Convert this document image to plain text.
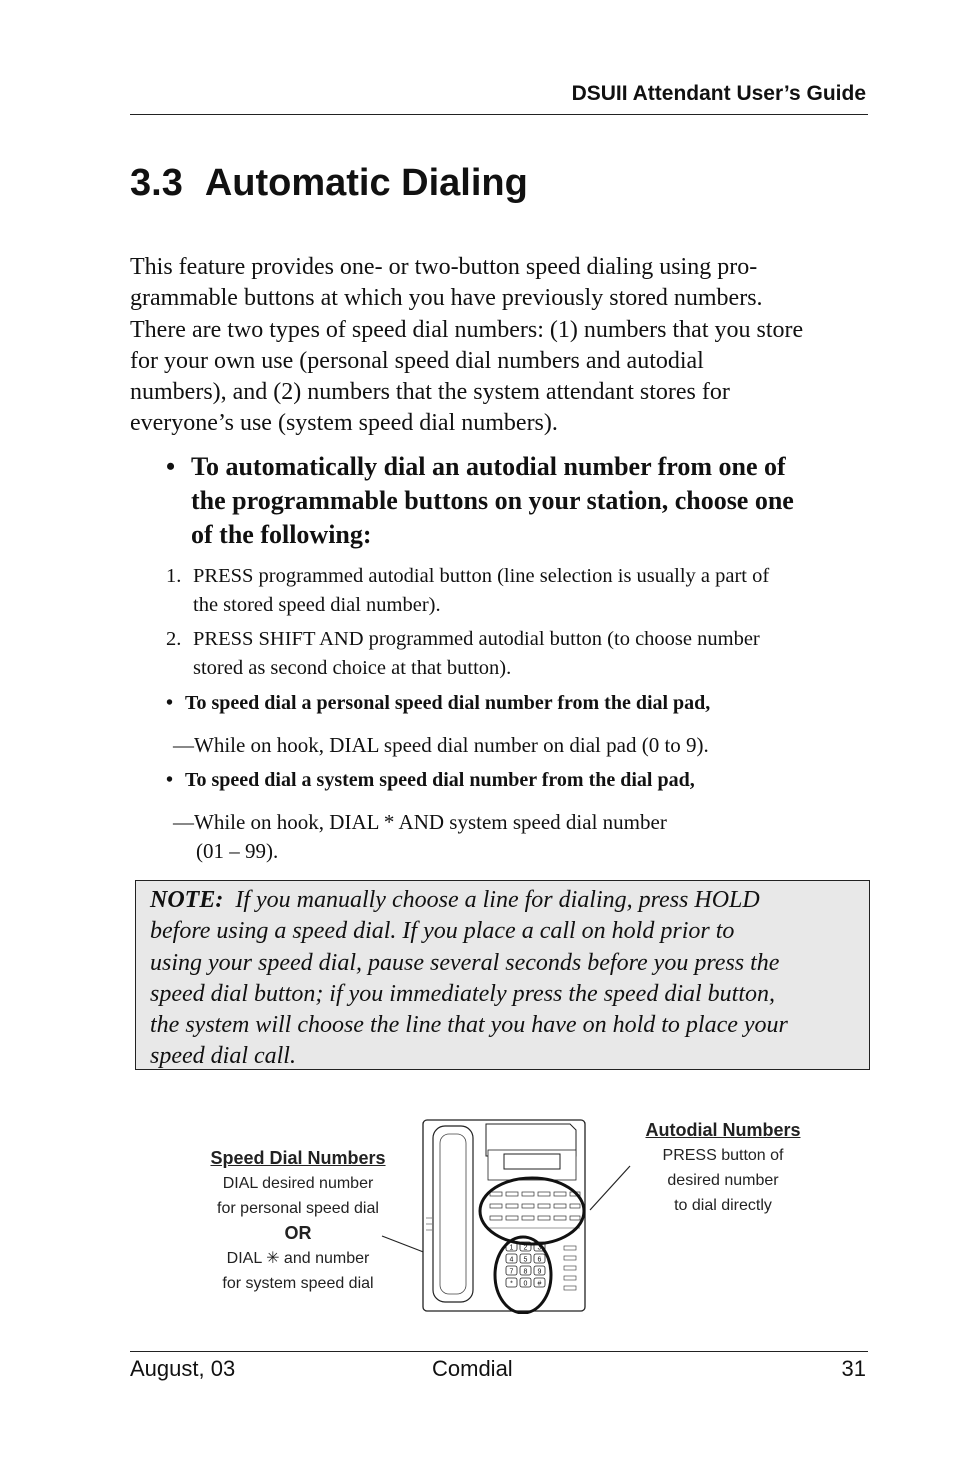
DSUII Attendant User’s Guide
3.3 Automatic Dialing

This feature provides one- or two-button speed dialing using pro-
grammable buttons at which you have previously stored numbers.
There are two types of speed dial numbers: (1) numbers that you store
for your own use (personal speed dial numbers and autodial
numbers), and (2) numbers that the system attendant stores for
everyone’s use (system speed dial numbers).

• To automatically dial an autodial number from one of
the programmable buttons on your station, choose one
of the following:
1. PRESS programmed autodial button (line selection is usually a part of
the stored speed dial number).
2. PRESS SHIFT AND programmed autodial button (to choose number
stored as second choice at that button).
• To speed dial a personal speed dial number from the dial pad,
—While on hook, DIAL speed dial number on dial pad (0 to 9).
• To speed dial a system speed dial number from the dial pad,
—While on hook, DIAL * AND system speed dial number
(01 – 99).
NOTE: If you manually choose a line for dialing, press HOLD
before using a speed dial. If you place a call on hold prior to
using your speed dial, pause several seconds before you press the
speed dial button; if you immediately press the speed dial button,
the system will choose the line that you have on hold to place your
speed dial call.
Speed Dial Numbers
DIAL desired number
for personal speed dial
OR
DIAL ✳ and number
for system speed dial
Autodial Numbers
PRESS button of
desired number
to dial directly
1 2 3
4 5 6
7 8 9
* 0 #
August, 03	Comdial	31
